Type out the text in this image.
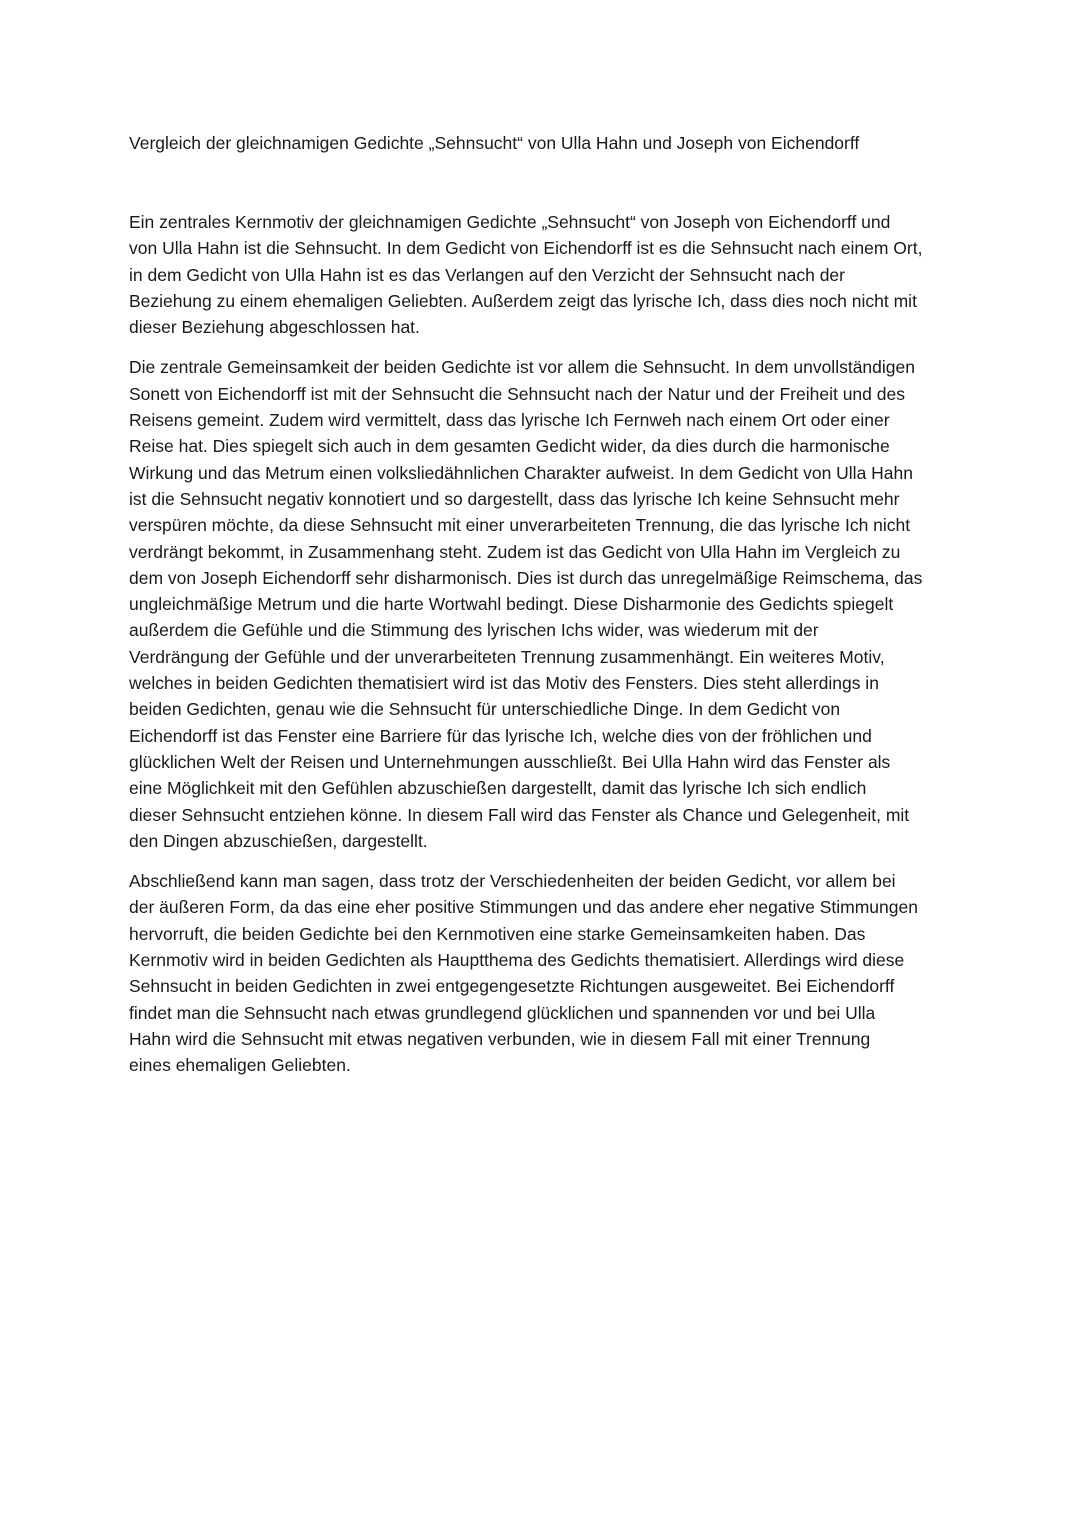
Vergleich der gleichnamigen Gedichte „Sehnsucht“ von Ulla Hahn und Joseph von Eichendorff

Ein zentrales Kernmotiv der gleichnamigen Gedichte „Sehnsucht“ von Joseph von Eichendorff und
von Ulla Hahn ist die Sehnsucht. In dem Gedicht von Eichendorff ist es die Sehnsucht nach einem Ort,
in dem Gedicht von Ulla Hahn ist es das Verlangen auf den Verzicht der Sehnsucht nach der
Beziehung zu einem ehemaligen Geliebten. Außerdem zeigt das lyrische Ich, dass dies noch nicht mit
dieser Beziehung abgeschlossen hat.

Die zentrale Gemeinsamkeit der beiden Gedichte ist vor allem die Sehnsucht. In dem unvollständigen
Sonett von Eichendorff ist mit der Sehnsucht die Sehnsucht nach der Natur und der Freiheit und des
Reisens gemeint. Zudem wird vermittelt, dass das lyrische Ich Fernweh nach einem Ort oder einer
Reise hat. Dies spiegelt sich auch in dem gesamten Gedicht wider, da dies durch die harmonische
Wirkung und das Metrum einen volksliedähnlichen Charakter aufweist. In dem Gedicht von Ulla Hahn
ist die Sehnsucht negativ konnotiert und so dargestellt, dass das lyrische Ich keine Sehnsucht mehr
verspüren möchte, da diese Sehnsucht mit einer unverarbeiteten Trennung, die das lyrische Ich nicht
verdrängt bekommt, in Zusammenhang steht. Zudem ist das Gedicht von Ulla Hahn im Vergleich zu
dem von Joseph Eichendorff sehr disharmonisch. Dies ist durch das unregelmäßige Reimschema, das
ungleichmäßige Metrum und die harte Wortwahl bedingt. Diese Disharmonie des Gedichts spiegelt
außerdem die Gefühle und die Stimmung des lyrischen Ichs wider, was wiederum mit der
Verdrängung der Gefühle und der unverarbeiteten Trennung zusammenhängt. Ein weiteres Motiv,
welches in beiden Gedichten thematisiert wird ist das Motiv des Fensters. Dies steht allerdings in
beiden Gedichten, genau wie die Sehnsucht für unterschiedliche Dinge. In dem Gedicht von
Eichendorff ist das Fenster eine Barriere für das lyrische Ich, welche dies von der fröhlichen und
glücklichen Welt der Reisen und Unternehmungen ausschließt. Bei Ulla Hahn wird das Fenster als
eine Möglichkeit mit den Gefühlen abzuschießen dargestellt, damit das lyrische Ich sich endlich
dieser Sehnsucht entziehen könne. In diesem Fall wird das Fenster als Chance und Gelegenheit, mit
den Dingen abzuschießen, dargestellt.

Abschließend kann man sagen, dass trotz der Verschiedenheiten der beiden Gedicht, vor allem bei
der äußeren Form, da das eine eher positive Stimmungen und das andere eher negative Stimmungen
hervorruft, die beiden Gedichte bei den Kernmotiven eine starke Gemeinsamkeiten haben. Das
Kernmotiv wird in beiden Gedichten als Hauptthema des Gedichts thematisiert. Allerdings wird diese
Sehnsucht in beiden Gedichten in zwei entgegengesetzte Richtungen ausgeweitet. Bei Eichendorff
findet man die Sehnsucht nach etwas grundlegend glücklichen und spannenden vor und bei Ulla
Hahn wird die Sehnsucht mit etwas negativen verbunden, wie in diesem Fall mit einer Trennung
eines ehemaligen Geliebten.
